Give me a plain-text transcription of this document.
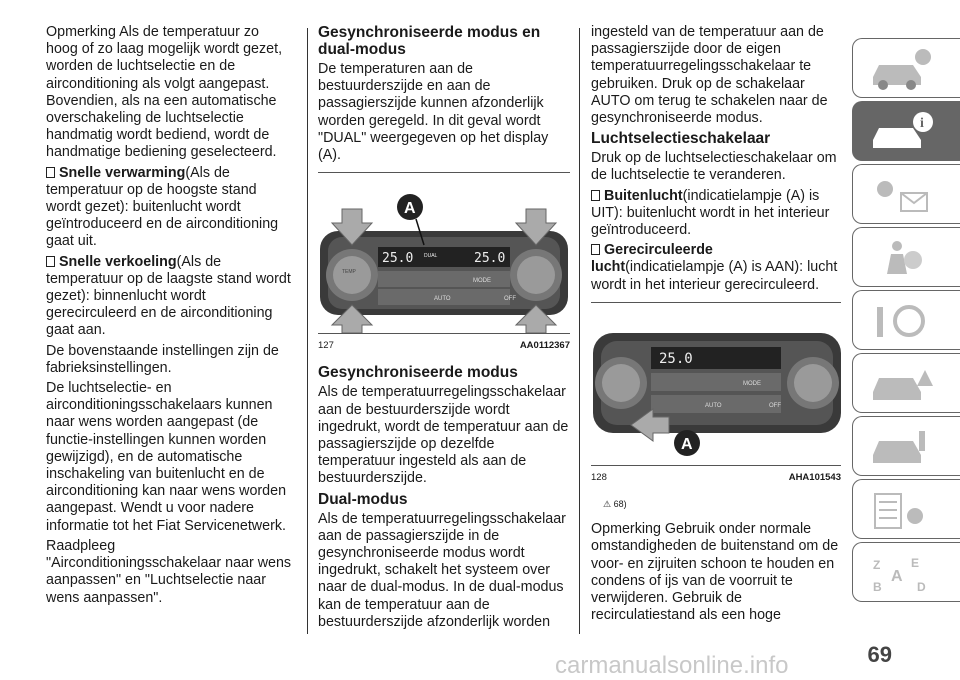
Opmerking Als de temperatuur zo hoog of zo laag mogelijk wordt gezet, worden de luchtselectie en de airconditioning als volgt aangepast. Bovendien, als na een automatische overschakeling de luchtselectie handmatig wordt bediend, wordt de handmatige bediening geselecteerd.

Snelle verwarming(Als de temperatuur op de hoogste stand wordt gezet): buitenlucht wordt geïntroduceerd en de airconditioning gaat uit.

Snelle verkoeling(Als de temperatuur op de laagste stand wordt gezet): binnenlucht wordt gerecirculeerd en de airconditioning gaat aan.

De bovenstaande instellingen zijn de fabrieksinstellingen.

De luchtselectie- en airconditioningsschakelaars kunnen naar wens worden aangepast (de functie-instellingen kunnen worden gewijzigd), en de automatische inschakeling van buitenlucht en de airconditioning kan naar wens worden aangepast. Wendt u voor nadere informatie tot het Fiat Servicenetwerk.

Raadpleeg "Airconditioningsschakelaar naar wens aanpassen" en "Luchtselectie naar wens aanpassen".

Gesynchroniseerde modus en dual-modus

De temperaturen aan de bestuurderszijde en aan de passagierszijde kunnen afzonderlijk worden geregeld. In dit geval wordt "DUAL" weergegeven op het display (A).

25.0 DUAL	25.0
MODE
AUTO	OFF
TEMP
A
127	AA0112367
Gesynchroniseerde modus

Als de temperatuurregelingsschakelaar aan de bestuurderszijde wordt ingedrukt, wordt de temperatuur aan de passagierszijde op dezelfde temperatuur ingesteld als aan de bestuurderszijde.

Dual-modus

Als de temperatuurregelingsschakelaar aan de passagierszijde in de gesynchroniseerde modus wordt ingedrukt, schakelt het systeem over naar de dual-modus. In de dual-modus kan de temperatuur aan de bestuurderszijde afzonderlijk worden

ingesteld van de temperatuur aan de passagierszijde door de eigen temperatuurregelingsschakelaar te gebruiken. Druk op de schakelaar AUTO om terug te schakelen naar de gesynchroniseerde modus.

Luchtselectieschakelaar

Druk op de luchtselectieschakelaar om de luchtselectie te veranderen.

Buitenlucht(indicatielampje (A) is UIT): buitenlucht wordt in het interieur geïntroduceerd.

Gerecirculeerde lucht(indicatielampje (A) is AAN): lucht wordt in het interieur gerecirculeerd.

25.0
MODE
AUTO	OFF
A
128	AHA101543
⚠ 68)

Opmerking Gebruik onder normale omstandigheden de buitenstand om de voor- en zijruiten schoon te houden en condens of ijs van de voorruit te verwijderen. Gebruik de recirculatiestand als een hoge

i
Z	E
A
B	D
69
carmanualsonline.info
